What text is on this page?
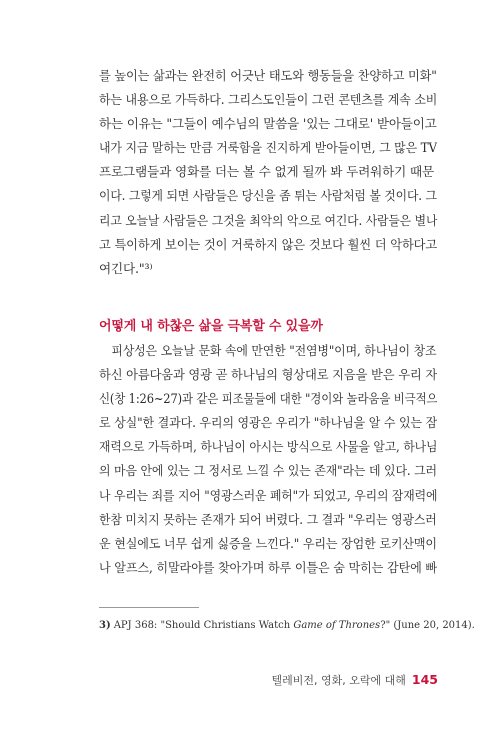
를 높이는 삶과는 완전히 어긋난 태도와 행동들을 찬양하고 미화"
하는 내용으로 가득하다. 그리스도인들이 그런 콘텐츠를 계속 소비
하는 이유는 "그들이 예수님의 말씀을 '있는 그대로' 받아들이고
내가 지금 말하는 만큼 거룩함을 진지하게 받아들이면, 그 많은 TV
프로그램들과 영화를 더는 볼 수 없게 될까 봐 두려워하기 때문
이다. 그렇게 되면 사람들은 당신을 좀 튀는 사람처럼 볼 것이다. 그
리고 오늘날 사람들은 그것을 최악의 악으로 여긴다. 사람들은 별나
고 특이하게 보이는 것이 거룩하지 않은 것보다 훨씬 더 악하다고
여긴다."³⁾
어떻게 내 하찮은 삶을 극복할 수 있을까
피상성은 오늘날 문화 속에 만연한 "전염병"이며, 하나님이 창조
하신 아름다움과 영광 곧 하나님의 형상대로 지음을 받은 우리 자
신(창 1:26~27)과 같은 피조물들에 대한 "경이와 놀라움을 비극적으
로 상실"한 결과다. 우리의 영광은 우리가 "하나님을 알 수 있는 잠
재력으로 가득하며, 하나님이 아시는 방식으로 사물을 알고, 하나님
의 마음 안에 있는 그 정서로 느낄 수 있는 존재"라는 데 있다. 그러
나 우리는 죄를 지어 "영광스러운 폐허"가 되었고, 우리의 잠재력에
한참 미치지 못하는 존재가 되어 버렸다. 그 결과 "우리는 영광스러
운 현실에도 너무 쉽게 싫증을 느낀다." 우리는 장엄한 로키산맥이
나 알프스, 히말라야를 찾아가며 하루 이틀은 숨 막히는 감탄에 빠
3) APJ 368: "Should Christians Watch Game of Thrones?" (June 20, 2014).
텔레비전, 영화, 오락에 대해 145
